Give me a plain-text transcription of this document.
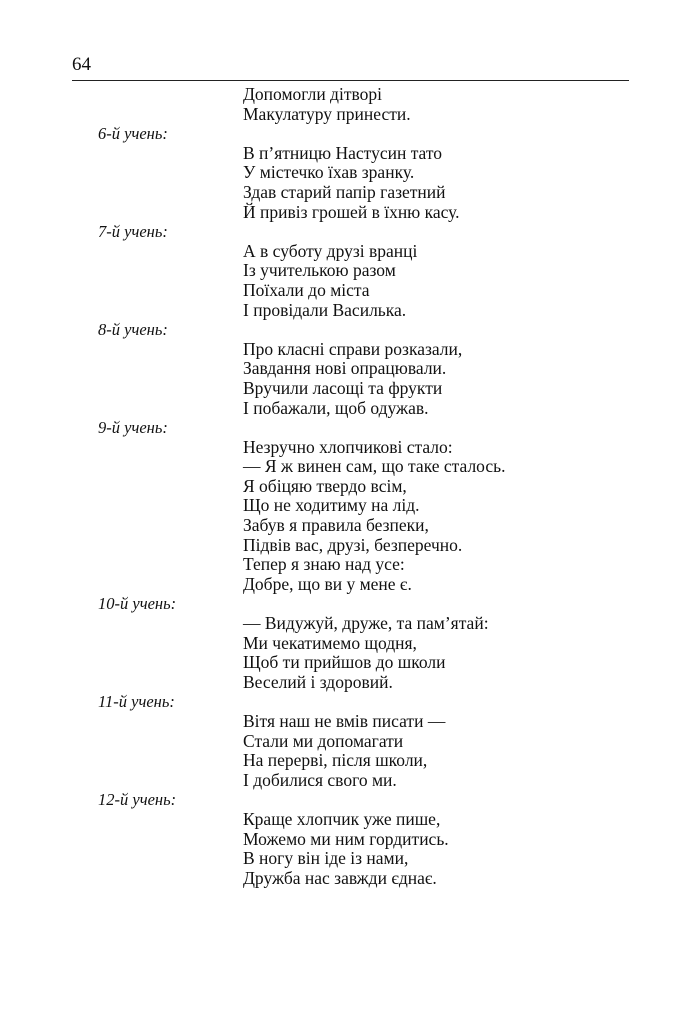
64
Допомогли дітворі
Макулатуру принести.
6-й учень:
В п’ятницю Настусин тато
У містечко їхав зранку.
Здав старий папір газетний
Й привіз грошей в їхню касу.
7-й учень:
А в суботу друзі вранці
Із учителькою разом
Поїхали до міста
І провідали Василька.
8-й учень:
Про класні справи розказали,
Завдання нові опрацювали.
Вручили ласощі та фрукти
І побажали, щоб одужав.
9-й учень:
Незручно хлопчикові стало:
— Я ж винен сам, що таке сталось.
Я обіцяю твердо всім,
Що не ходитиму на лід.
Забув я правила безпеки,
Підвів вас, друзі, безперечно.
Тепер я знаю над усе:
Добре, що ви у мене є.
10-й учень:
— Видужуй, друже, та пам’ятай:
Ми чекатимемо щодня,
Щоб ти прийшов до школи
Веселий і здоровий.
11-й учень:
Вітя наш не вмів писати —
Стали ми допомагати
На перерві, після школи,
І добилися свого ми.
12-й учень:
Краще хлопчик уже пише,
Можемо ми ним гордитись.
В ногу він іде із нами,
Дружба нас завжди єднає.
